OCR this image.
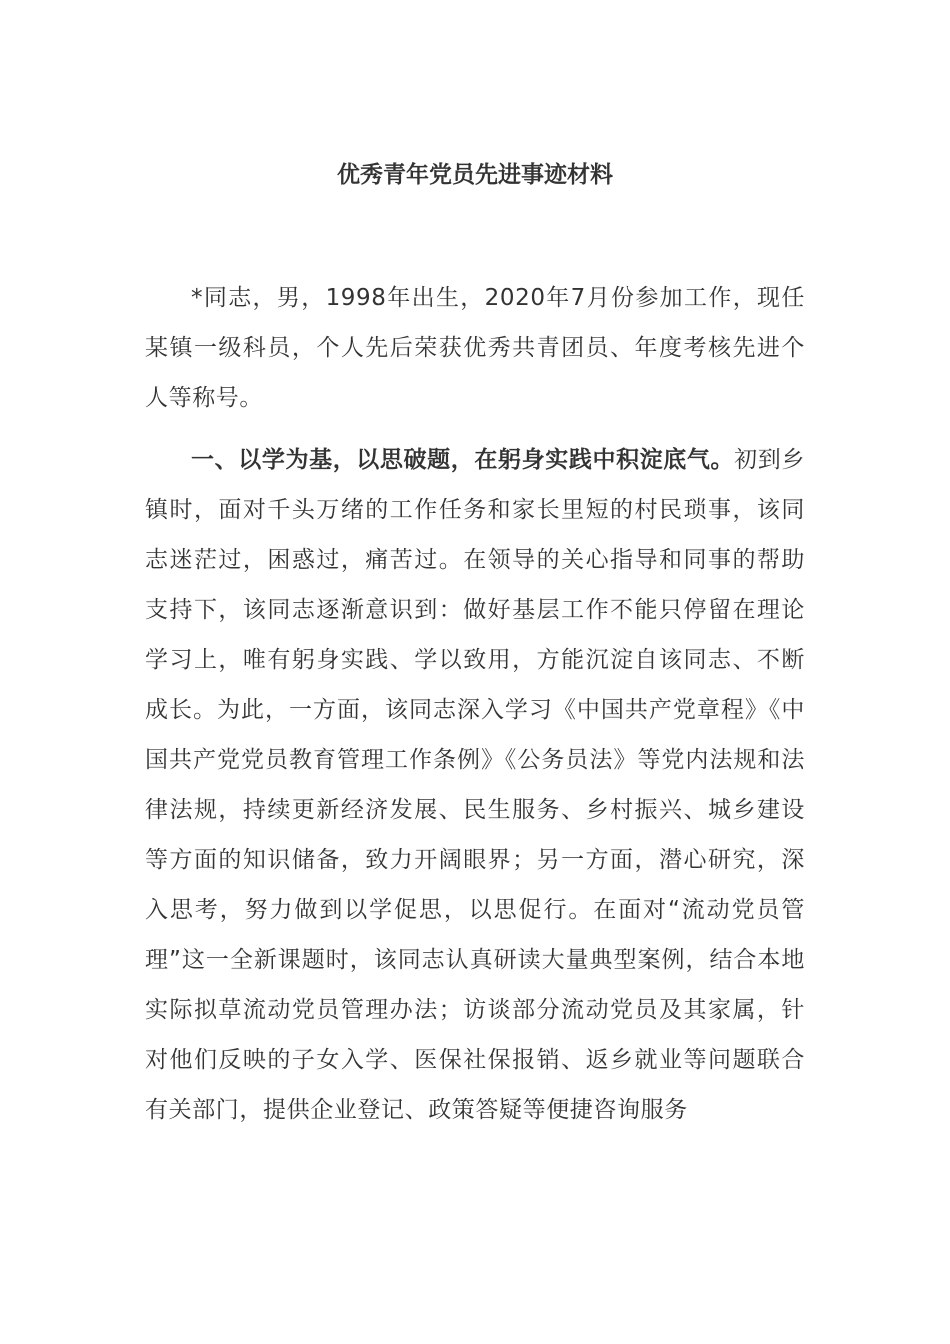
优秀青年党员先进事迹材料

*同志，男，1998年出生，2020年7月份参加工作，现任某镇一级科员，个人先后荣获优秀共青团员、年度考核先进个人等称号。

一、以学为基，以思破题，在躬身实践中积淀底气。初到乡镇时，面对千头万绪的工作任务和家长里短的村民琐事，该同志迷茫过，困惑过，痛苦过。在领导的关心指导和同事的帮助支持下，该同志逐渐意识到：做好基层工作不能只停留在理论学习上，唯有躬身实践、学以致用，方能沉淀自该同志、不断成长。为此，一方面，该同志深入学习《中国共产党章程》《中国共产党党员教育管理工作条例》《公务员法》等党内法规和法律法规，持续更新经济发展、民生服务、乡村振兴、城乡建设等方面的知识储备，致力开阔眼界；另一方面，潜心研究，深入思考，努力做到以学促思，以思促行。在面对“流动党员管理”这一全新课题时，该同志认真研读大量典型案例，结合本地实际拟草流动党员管理办法；访谈部分流动党员及其家属，针对他们反映的子女入学、医保社保报销、返乡就业等问题联合有关部门，提供企业登记、政策答疑等便捷咨询服务
